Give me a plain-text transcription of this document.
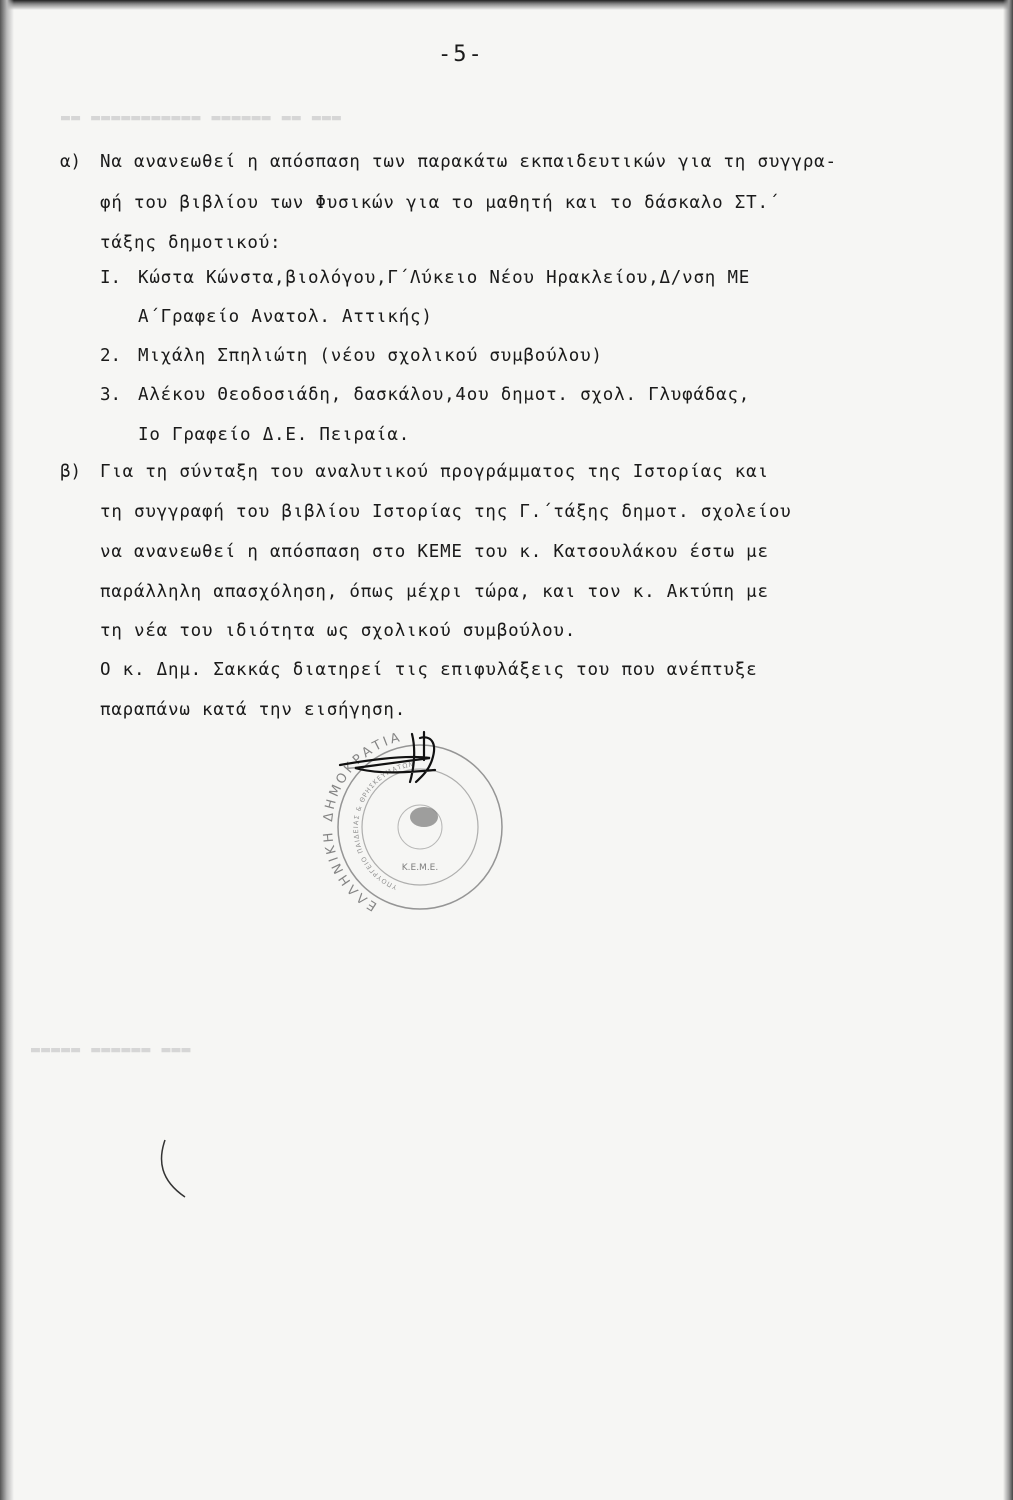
▬▬▬ ▬▬ ▬▬▬▬▬▬ ▬▬▬▬▬▬▬▬▬▬▬ ▬▬
▬▬▬ ▬▬▬▬▬▬ ▬▬▬▬▬
-5-
α) Να ανανεωθεί η απόσπαση των παρακάτω εκπαιδευτικών για τη συγγρα-
φή του βιβλίου των Φυσικών για το μαθητή και το δάσκαλο ΣΤ.΄
τάξης δημοτικού:
Ι. Κώστα Κώνστα,βιολόγου,Γ΄Λύκειο Νέου Ηρακλείου,Δ/νση ΜΕ
Α΄Γραφείο Ανατολ. Αττικής)
2. Μιχάλη Σπηλιώτη (νέου σχολικού συμβούλου)
3. Αλέκου Θεοδοσιάδη, δασκάλου,4ου δημοτ. σχολ. Γλυφάδας,
Ιο Γραφείο Δ.Ε. Πειραία.
β) Για τη σύνταξη του αναλυτικού προγράμματος της Ιστορίας και
τη συγγραφή του βιβλίου Ιστορίας της Γ.΄τάξης δημοτ. σχολείου
να ανανεωθεί η απόσπαση στο ΚΕΜΕ του κ. Κατσουλάκου έστω με
παράλληλη απασχόληση, όπως μέχρι τώρα, και τον κ. Ακτύπη με
τη νέα του ιδιότητα ως σχολικού συμβούλου.
Ο κ. Δημ. Σακκάς διατηρεί τις επιφυλάξεις του που ανέπτυξε
παραπάνω κατά την εισήγηση.
ΕΛΛΗΝΙΚΗ ΔΗΜΟΚΡΑΤΙΑ
ΥΠΟΥΡΓΕΙΟ ΠΑΙΔΕΙΑΣ & ΘΡΗΣΚΕΥΜΑΤΩΝ
Κ.Ε.Μ.Ε.
